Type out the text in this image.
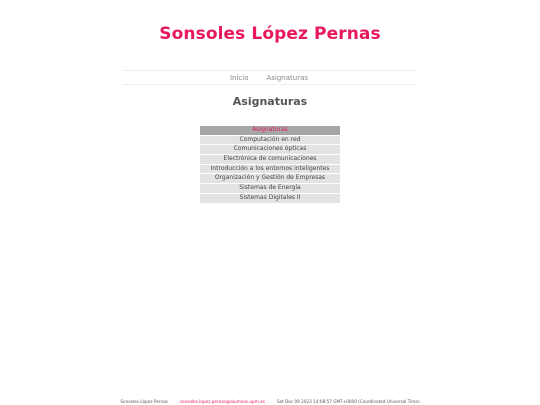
Sonsoles López Pernas
Inicio	Asignaturas
Asignaturas
Asignaturas
Computación en red
Comunicaciones ópticas
Electrónica de comunicaciones
Introducción a los entornos inteligentes
Organización y Gestión de Empresas
Sistemas de Energía
Sistemas Digitales II
Sonsoles López Pernas	sonsoles.lopez.pernas@alumnos.upm.es	Sat Dec 09 2023 14:08:57 GMT+0000 (Coordinated Universal Time)
